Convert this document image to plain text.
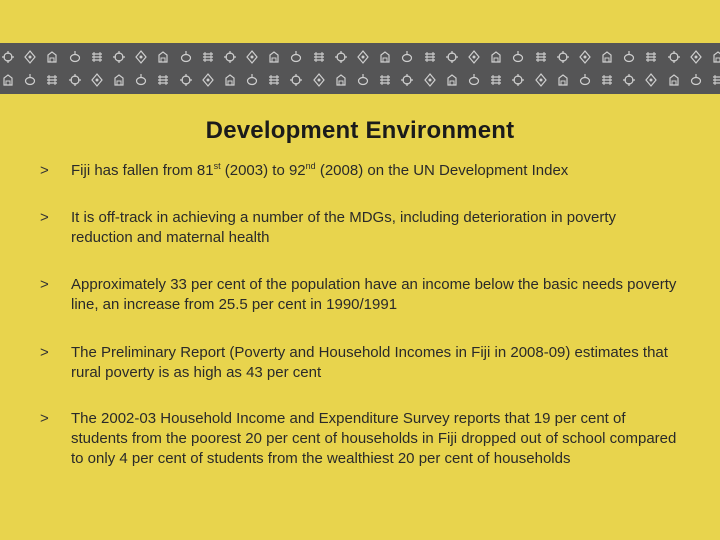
Development Environment
>	Fiji has fallen from 81st (2003) to 92nd (2008) on the UN Development Index
>	It is off-track in achieving a number of the MDGs, including deterioration in poverty reduction and maternal health
>	Approximately 33 per cent of the population have an income below the basic needs poverty line, an increase from 25.5 per cent in 1990/1991
>	The Preliminary Report (Poverty and Household Incomes in Fiji in 2008-09) estimates that rural poverty is as high as 43 per cent
>	The 2002-03 Household Income and Expenditure Survey reports that 19 per cent of students from the poorest 20 per cent of households in Fiji dropped out of school compared to only 4 per cent of students from the wealthiest 20 per cent of households
